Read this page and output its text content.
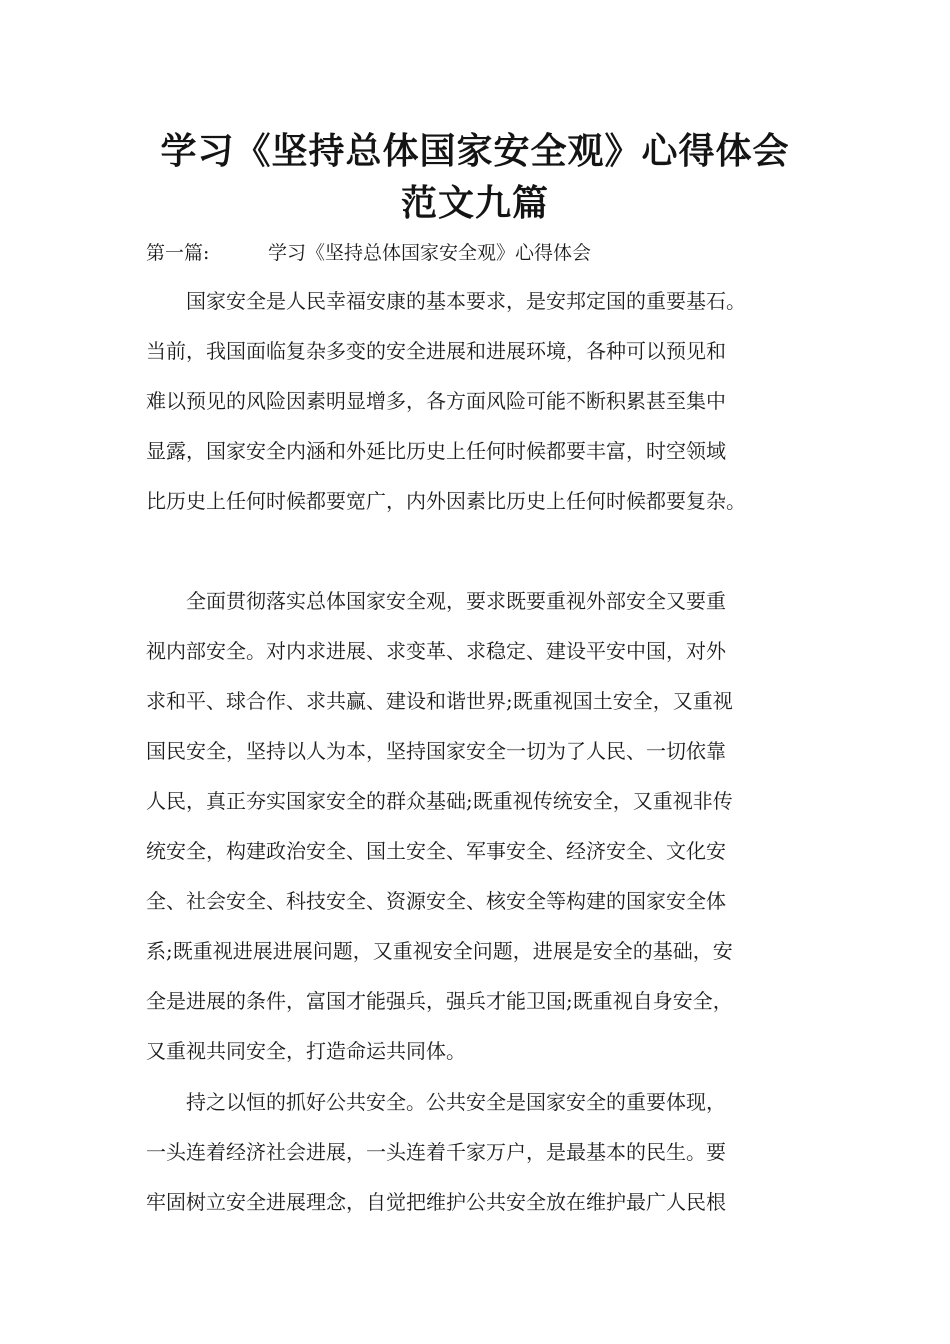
学习《坚持总体国家安全观》心得体会
范文九篇
第一篇:	学习《坚持总体国家安全观》心得体会
　　国家安全是人民幸福安康的基本要求，是安邦定国的重要基石。
当前，我国面临复杂多变的安全进展和进展环境，各种可以预见和
难以预见的风险因素明显增多，各方面风险可能不断积累甚至集中
显露，国家安全内涵和外延比历史上任何时候都要丰富，时空领域
比历史上任何时候都要宽广，内外因素比历史上任何时候都要复杂。
　　全面贯彻落实总体国家安全观，要求既要重视外部安全又要重
视内部安全。对内求进展、求变革、求稳定、建设平安中国，对外
求和平、球合作、求共赢、建设和谐世界;既重视国土安全，又重视
国民安全，坚持以人为本，坚持国家安全一切为了人民、一切依靠
人民，真正夯实国家安全的群众基础;既重视传统安全，又重视非传
统安全，构建政治安全、国土安全、军事安全、经济安全、文化安
全、社会安全、科技安全、资源安全、核安全等构建的国家安全体
系;既重视进展进展问题，又重视安全问题，进展是安全的基础，安
全是进展的条件，富国才能强兵，强兵才能卫国;既重视自身安全，
又重视共同安全，打造命运共同体。
　　持之以恒的抓好公共安全。公共安全是国家安全的重要体现，
一头连着经济社会进展，一头连着千家万户，是最基本的民生。要
牢固树立安全进展理念，自觉把维护公共安全放在维护最广人民根
